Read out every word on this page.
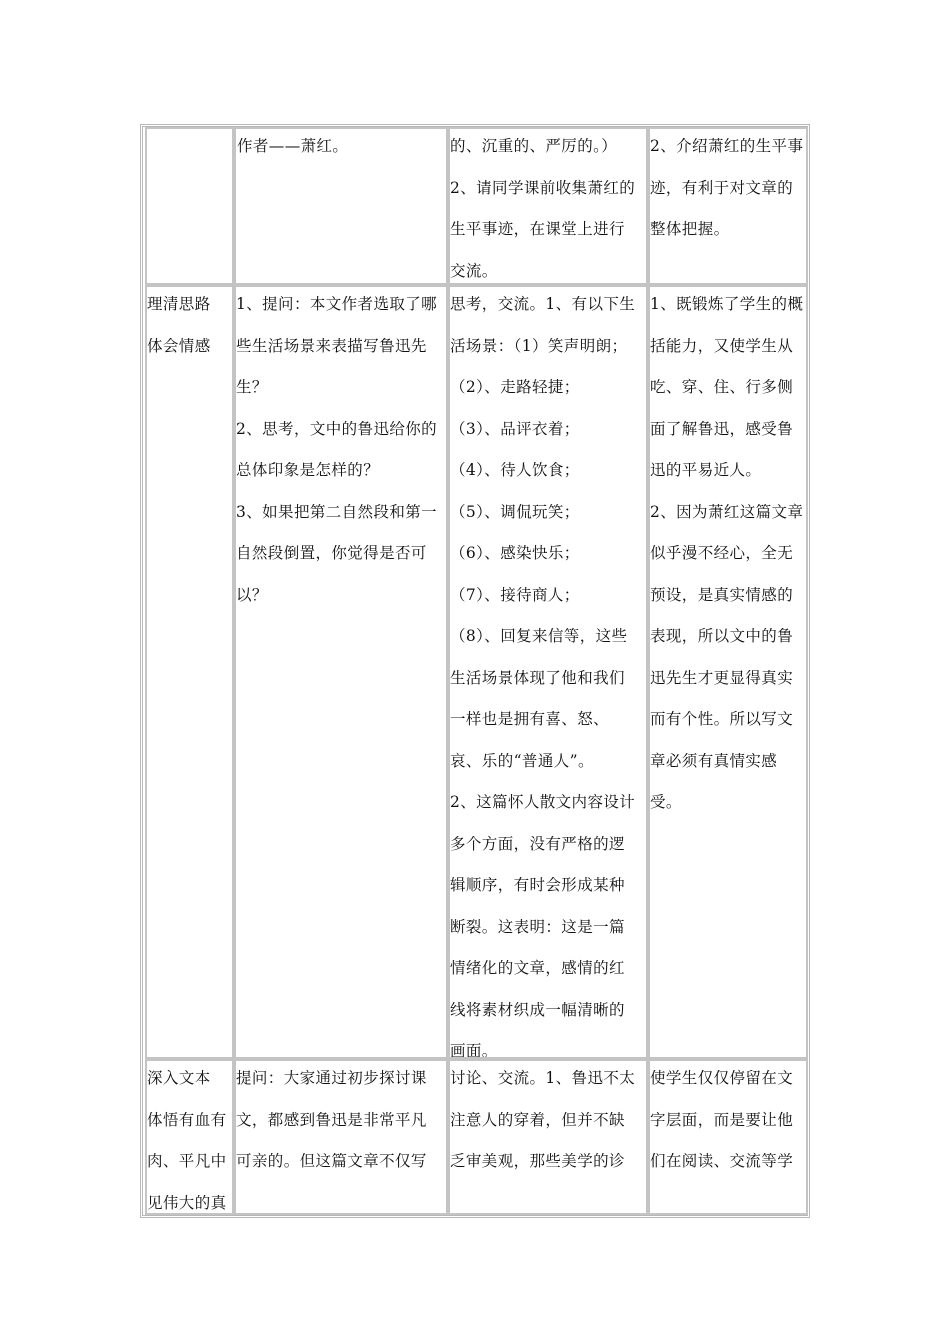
作者——萧红。	的、沉重的、严厉的。）

2、请同学课前收集萧红的

生平事迹，在课堂上进行

交流。

2、介绍萧红的生平事

迹，有利于对文章的

整体把握。

理清思路

体会情感

1、提问：本文作者选取了哪

些生活场景来表描写鲁迅先

生？

2、思考，文中的鲁迅给你的

总体印象是怎样的？

3、如果把第二自然段和第一

自然段倒置，你觉得是否可

以？

思考，交流。1、有以下生

活场景：（1）笑声明朗；

（2）、走路轻捷；

（3）、品评衣着；

（4）、待人饮食；

（5）、调侃玩笑；

（6）、感染快乐；

（7）、接待商人；

（8）、回复来信等，这些

生活场景体现了他和我们

一样也是拥有喜、怒、

哀、乐的“普通人”。

2、这篇怀人散文内容设计

多个方面，没有严格的逻

辑顺序，有时会形成某种

断裂。这表明：这是一篇

情绪化的文章，感情的红

线将素材织成一幅清晰的

画面。

1、既锻炼了学生的概

括能力，又使学生从

吃、穿、住、行多侧

面了解鲁迅，感受鲁

迅的平易近人。

2、因为萧红这篇文章

似乎漫不经心，全无

预设，是真实情感的

表现，所以文中的鲁

迅先生才更显得真实

而有个性。所以写文

章必须有真情实感

受。

深入文本

体悟有血有

肉、平凡中

见伟大的真

提问：大家通过初步探讨课

文，都感到鲁迅是非常平凡

可亲的。但这篇文章不仅写

讨论、交流。1、鲁迅不太

注意人的穿着，但并不缺

乏审美观，那些美学的诊

使学生仅仅停留在文

字层面，而是要让他

们在阅读、交流等学
